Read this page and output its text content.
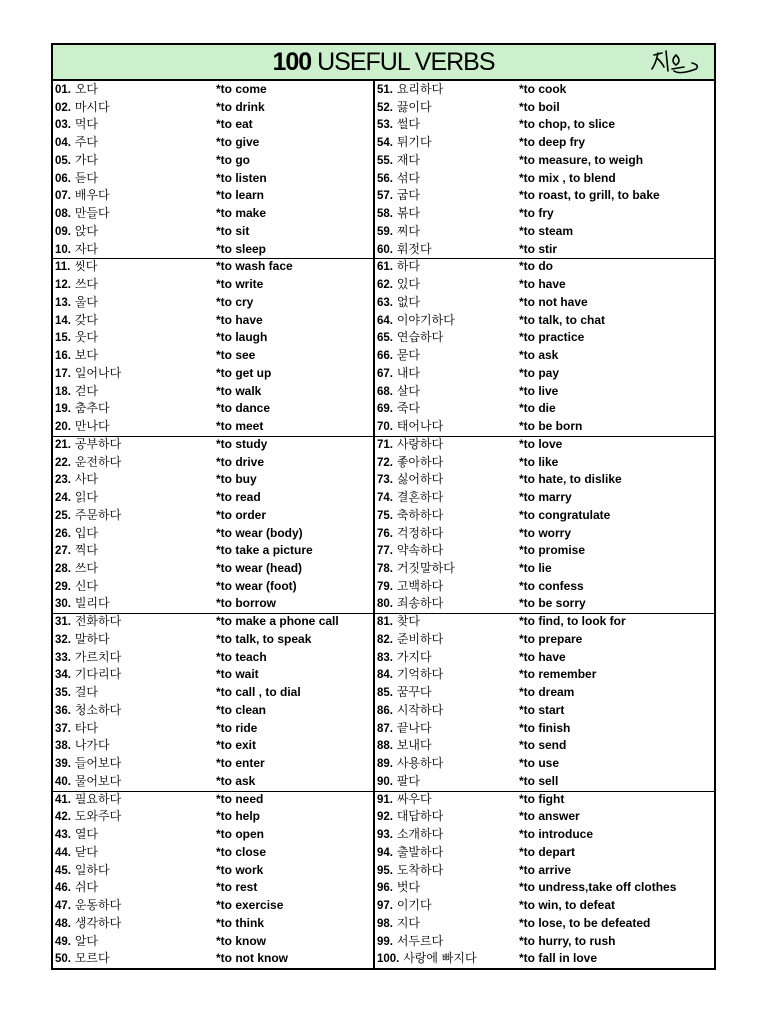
100 USEFUL VERBS
01. 오다	*to come
02. 마시다	*to drink
03. 먹다	*to eat
04. 주다	*to give
05. 가다	*to go
06. 듣다	*to listen
07. 배우다	*to learn
08. 만들다	*to make
09. 앉다	*to sit
10. 자다	*to sleep
11. 씻다	*to wash face
12. 쓰다	*to write
13. 울다	*to cry
14. 갖다	*to have
15. 웃다	*to laugh
16. 보다	*to see
17. 일어나다	*to get up
18. 걷다	*to walk
19. 춤추다	*to dance
20. 만나다	*to meet
21. 공부하다	*to study
22. 운전하다	*to drive
23. 사다	*to buy
24. 읽다	*to read
25. 주문하다	*to order
26. 입다	*to wear (body)
27. 찍다	*to take a picture
28. 쓰다	*to wear (head)
29. 신다	*to wear (foot)
30. 빌리다	*to borrow
31. 전화하다	*to make a phone call
32. 말하다	*to talk, to speak
33. 가르치다	*to teach
34. 기다리다	*to wait
35. 걸다	*to call , to dial
36. 청소하다	*to clean
37. 타다	*to ride
38. 나가다	*to exit
39. 들어보다	*to enter
40. 물어보다	*to ask
41. 필요하다	*to need
42. 도와주다	*to help
43. 열다	*to open
44. 닫다	*to close
45. 일하다	*to work
46. 쉬다	*to rest
47. 운동하다	*to exercise
48. 생각하다	*to think
49. 알다	*to know
50. 모르다	*to not know
51. 요리하다	*to cook
52. 끓이다	*to boil
53. 썰다	*to chop, to slice
54. 튀기다	*to deep fry
55. 재다	*to measure, to weigh
56. 섞다	*to mix , to blend
57. 굽다	*to roast, to grill, to bake
58. 볶다	*to fry
59. 찌다	*to steam
60. 휘젓다	*to stir
61. 하다	*to do
62. 있다	*to have
63. 없다	*to not have
64. 이야기하다	*to talk, to chat
65. 연습하다	*to practice
66. 묻다	*to ask
67. 내다	*to pay
68. 살다	*to live
69. 죽다	*to die
70. 태어나다	*to be born
71. 사랑하다	*to love
72. 좋아하다	*to like
73. 싫어하다	*to hate, to dislike
74. 결혼하다	*to marry
75. 축하하다	*to congratulate
76. 걱정하다	*to worry
77. 약속하다	*to promise
78. 거짓말하다	*to lie
79. 고백하다	*to confess
80. 죄송하다	*to be sorry
81. 찾다	*to find, to look for
82. 준비하다	*to prepare
83. 가지다	*to have
84. 기억하다	*to remember
85. 꿈꾸다	*to dream
86. 시작하다	*to start
87. 끝나다	*to finish
88. 보내다	*to send
89. 사용하다	*to use
90. 팔다	*to sell
91. 싸우다	*to fight
92. 대답하다	*to answer
93. 소개하다	*to introduce
94. 출발하다	*to depart
95. 도착하다	*to arrive
96. 벗다	*to undress,take off clothes
97. 이기다	*to win, to defeat
98. 지다	*to lose, to be defeated
99. 서두르다	*to hurry, to rush
100. 사랑에 빠지다	*to fall in love
